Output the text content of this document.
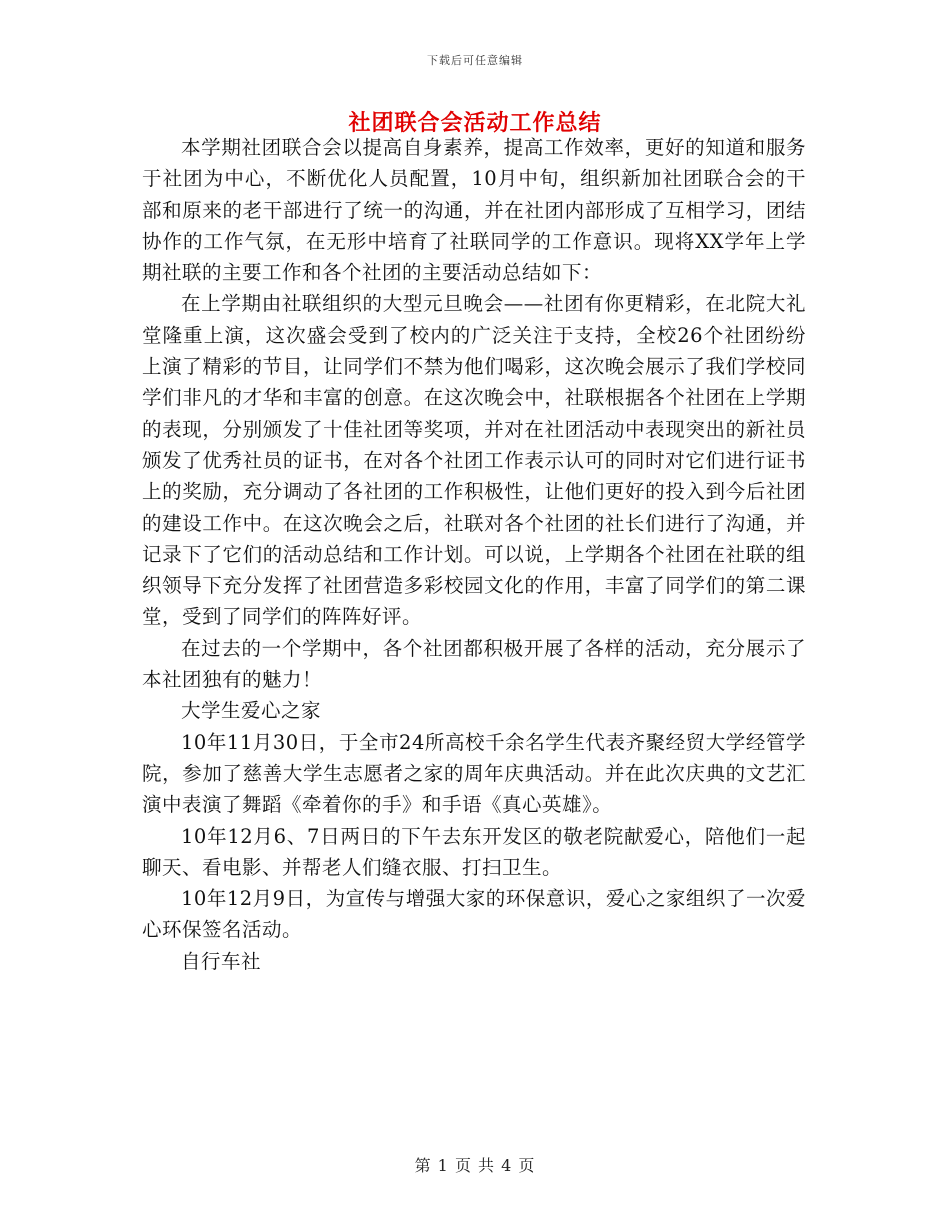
下载后可任意编辑
社团联合会活动工作总结

本学期社团联合会以提高自身素养，提高工作效率，更好的知道和服务于社团为中心，不断优化人员配置，10月中旬，组织新加社团联合会的干部和原来的老干部进行了统一的沟通，并在社团内部形成了互相学习，团结协作的工作气氛，在无形中培育了社联同学的工作意识。现将XX学年上学期社联的主要工作和各个社团的主要活动总结如下：

在上学期由社联组织的大型元旦晚会——社团有你更精彩，在北院大礼堂隆重上演，这次盛会受到了校内的广泛关注于支持，全校26个社团纷纷上演了精彩的节目，让同学们不禁为他们喝彩，这次晚会展示了我们学校同学们非凡的才华和丰富的创意。在这次晚会中，社联根据各个社团在上学期的表现，分别颁发了十佳社团等奖项，并对在社团活动中表现突出的新社员颁发了优秀社员的证书，在对各个社团工作表示认可的同时对它们进行证书上的奖励，充分调动了各社团的工作积极性，让他们更好的投入到今后社团的建设工作中。在这次晚会之后，社联对各个社团的社长们进行了沟通，并记录下了它们的活动总结和工作计划。可以说，上学期各个社团在社联的组织领导下充分发挥了社团营造多彩校园文化的作用，丰富了同学们的第二课堂，受到了同学们的阵阵好评。

在过去的一个学期中，各个社团都积极开展了各样的活动，充分展示了本社团独有的魅力！

大学生爱心之家

10年11月30日，于全市24所高校千余名学生代表齐聚经贸大学经管学院，参加了慈善大学生志愿者之家的周年庆典活动。并在此次庆典的文艺汇演中表演了舞蹈《牵着你的手》和手语《真心英雄》。

10年12月6、7日两日的下午去东开发区的敬老院献爱心，陪他们一起聊天、看电影、并帮老人们缝衣服、打扫卫生。

10年12月9日，为宣传与增强大家的环保意识，爱心之家组织了一次爱心环保签名活动。

自行车社

第 1 页 共 4 页
